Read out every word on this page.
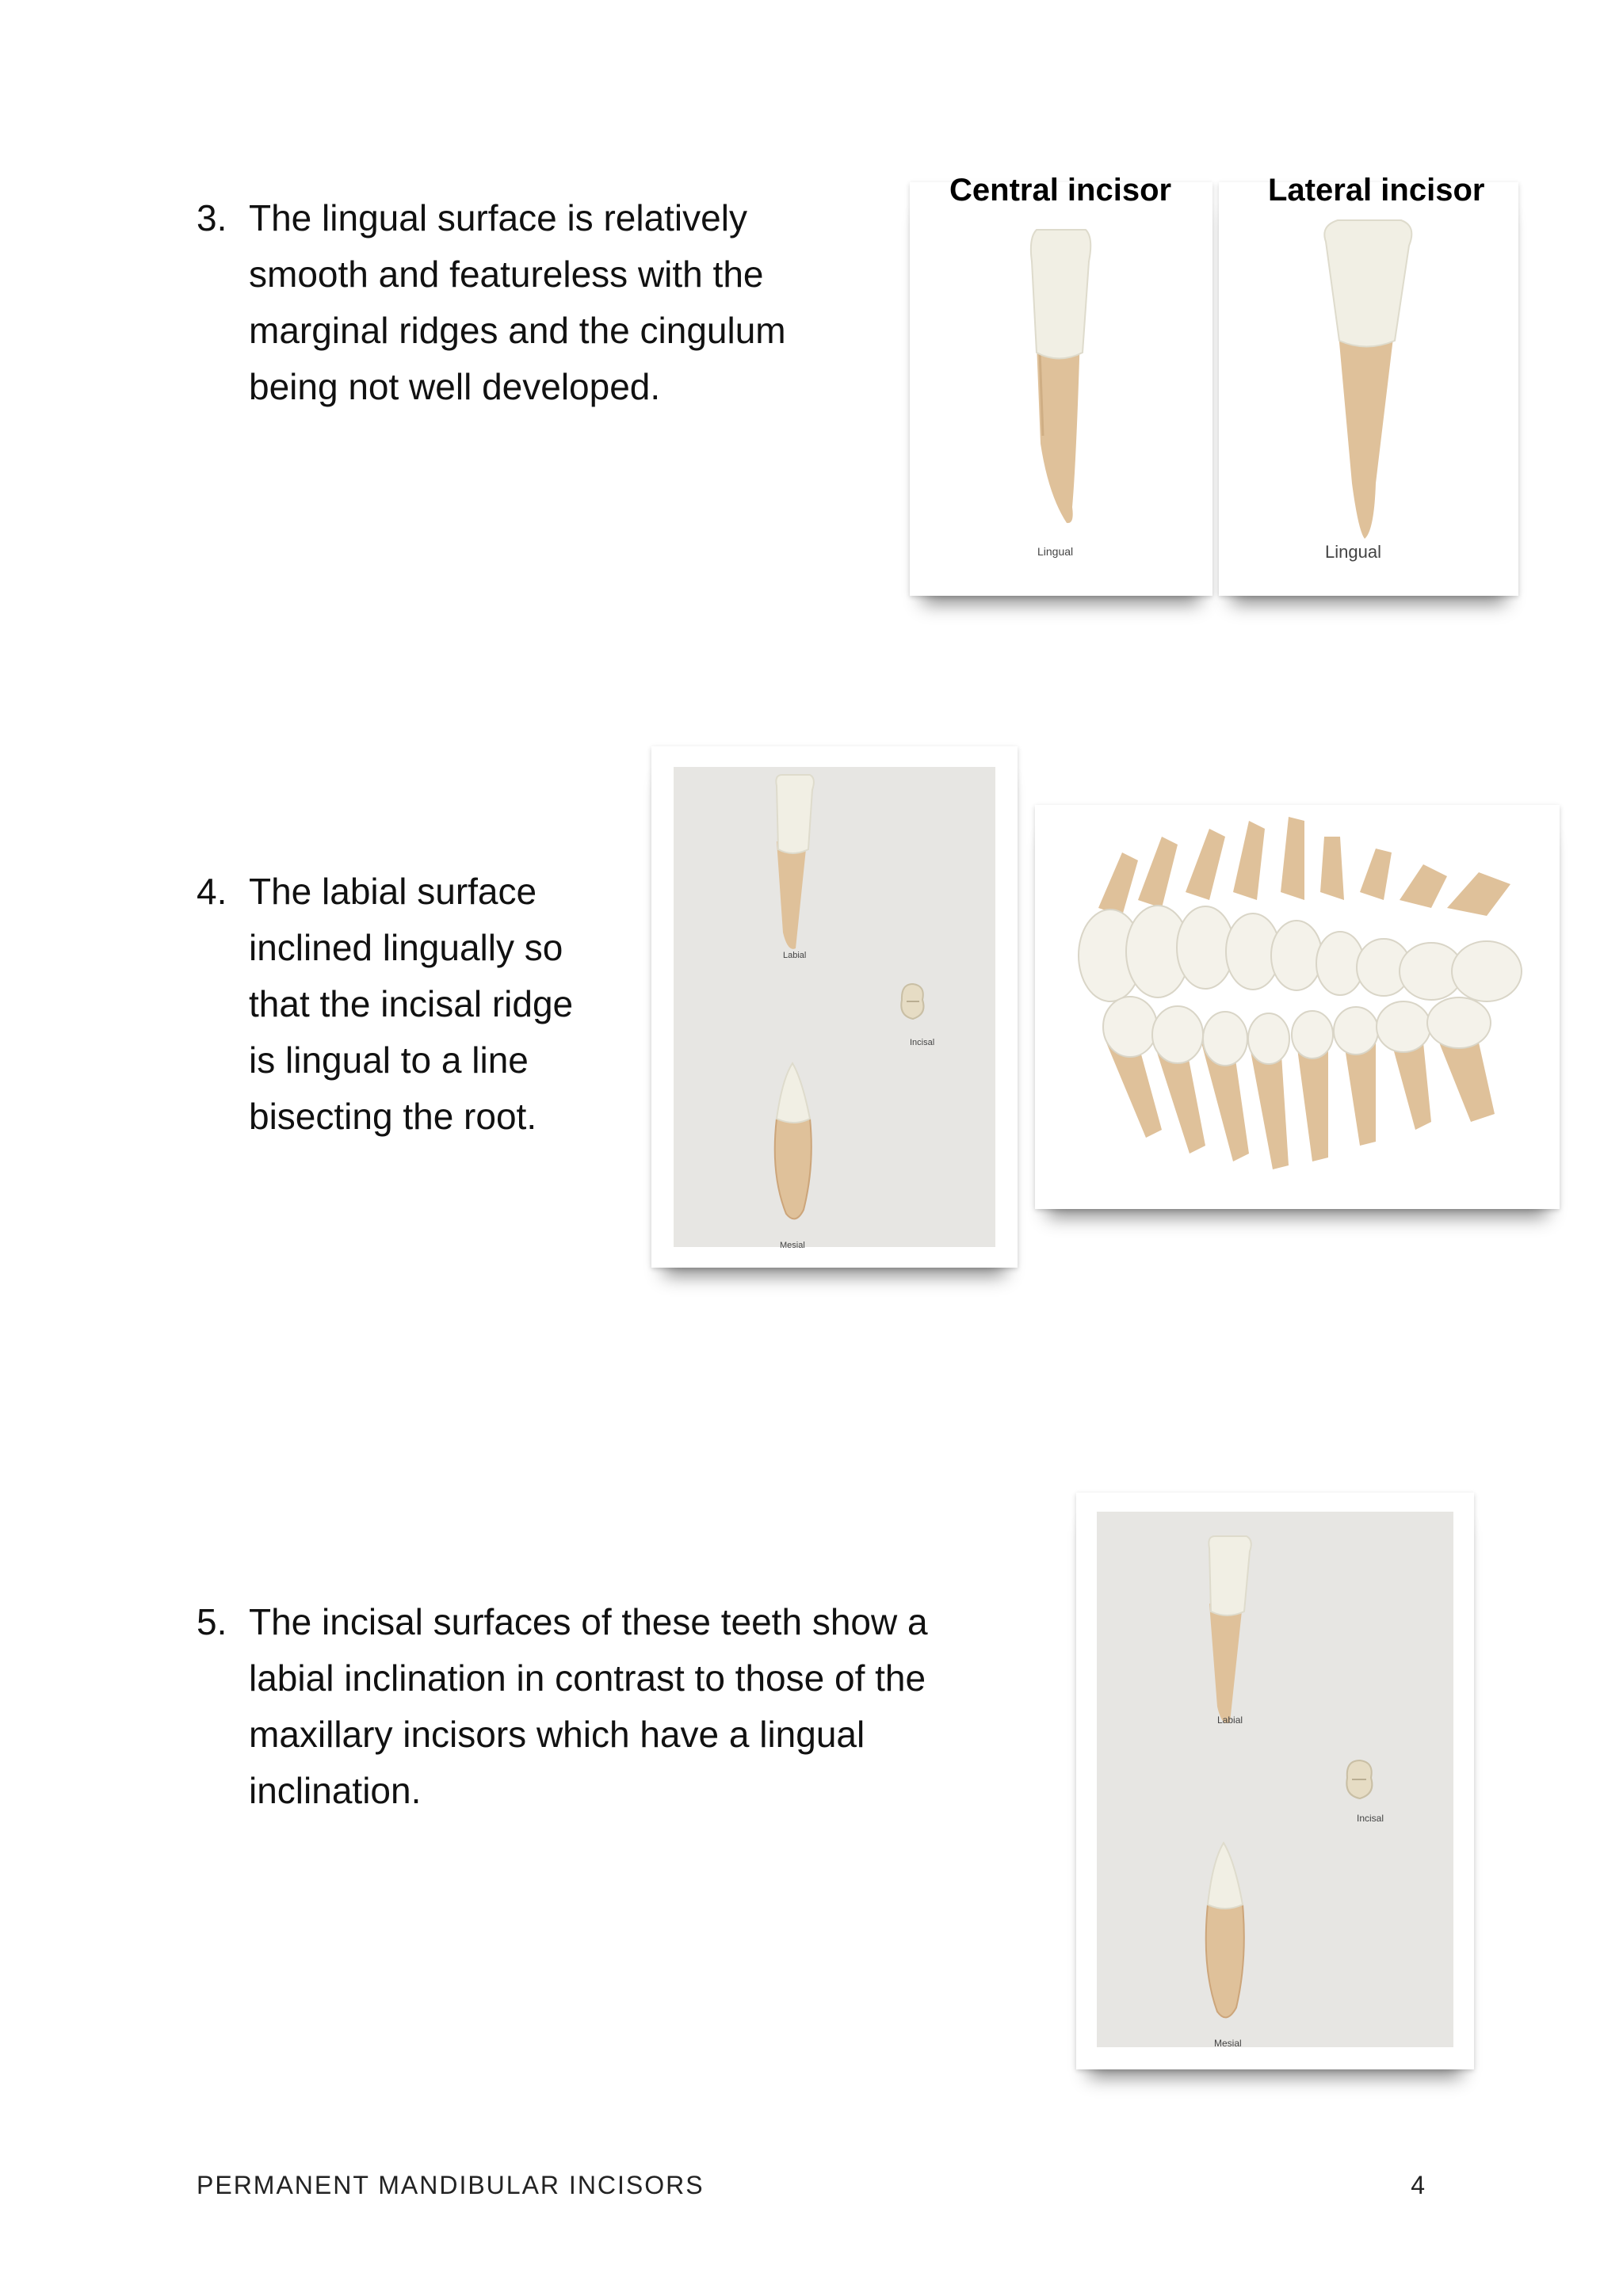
3. The lingual surface is relatively smooth and featureless with the marginal ridges and the cingulum being not well developed.
4. The labial surface inclined lingually so that the incisal ridge is lingual to a line bisecting the root.
5. The incisal surfaces of these teeth show a labial inclination in contrast to those of the maxillary incisors which have a lingual inclination.
Lingual	Lingual
Central incisor	Lateral incisor
Labial
Incisal
Mesial
Labial
Incisal
Mesial
PERMANENT MANDIBULAR INCISORS	4
